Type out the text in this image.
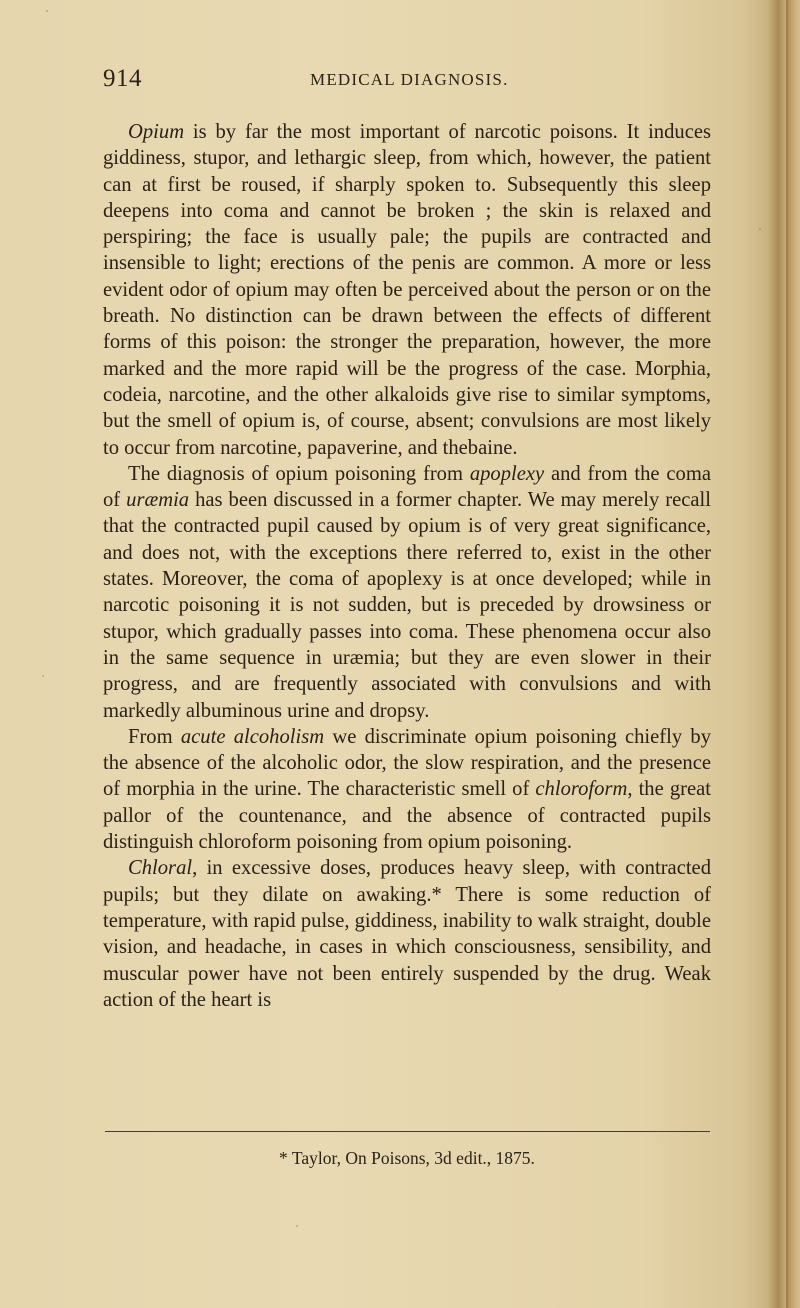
914	MEDICAL DIAGNOSIS.

Opium is by far the most important of narcotic poisons. It induces giddiness, stupor, and lethargic sleep, from which, however, the patient can at first be roused, if sharply spoken to. Subsequently this sleep deepens into coma and cannot be broken ; the skin is relaxed and perspiring; the face is usually pale; the pupils are contracted and insensible to light; erections of the penis are common. A more or less evident odor of opium may often be perceived about the person or on the breath. No distinction can be drawn between the effects of different forms of this poison: the stronger the preparation, however, the more marked and the more rapid will be the progress of the case. Morphia, codeia, narcotine, and the other alkaloids give rise to similar symptoms, but the smell of opium is, of course, absent; convulsions are most likely to occur from narcotine, papaverine, and thebaine.

The diagnosis of opium poisoning from apoplexy and from the coma of uræmia has been discussed in a former chapter. We may merely recall that the contracted pupil caused by opium is of very great significance, and does not, with the exceptions there referred to, exist in the other states. Moreover, the coma of apoplexy is at once developed; while in narcotic poisoning it is not sudden, but is preceded by drowsiness or stupor, which gradually passes into coma. These phenomena occur also in the same sequence in uræmia; but they are even slower in their progress, and are frequently associated with convulsions and with markedly albuminous urine and dropsy.

From acute alcoholism we discriminate opium poisoning chiefly by the absence of the alcoholic odor, the slow respiration, and the presence of morphia in the urine. The characteristic smell of chloroform, the great pallor of the countenance, and the absence of contracted pupils distinguish chloroform poisoning from opium poisoning.

Chloral, in excessive doses, produces heavy sleep, with contracted pupils; but they dilate on awaking.* There is some reduction of temperature, with rapid pulse, giddiness, inability to walk straight, double vision, and headache, in cases in which consciousness, sensibility, and muscular power have not been entirely suspended by the drug. Weak action of the heart is

* Taylor, On Poisons, 3d edit., 1875.
